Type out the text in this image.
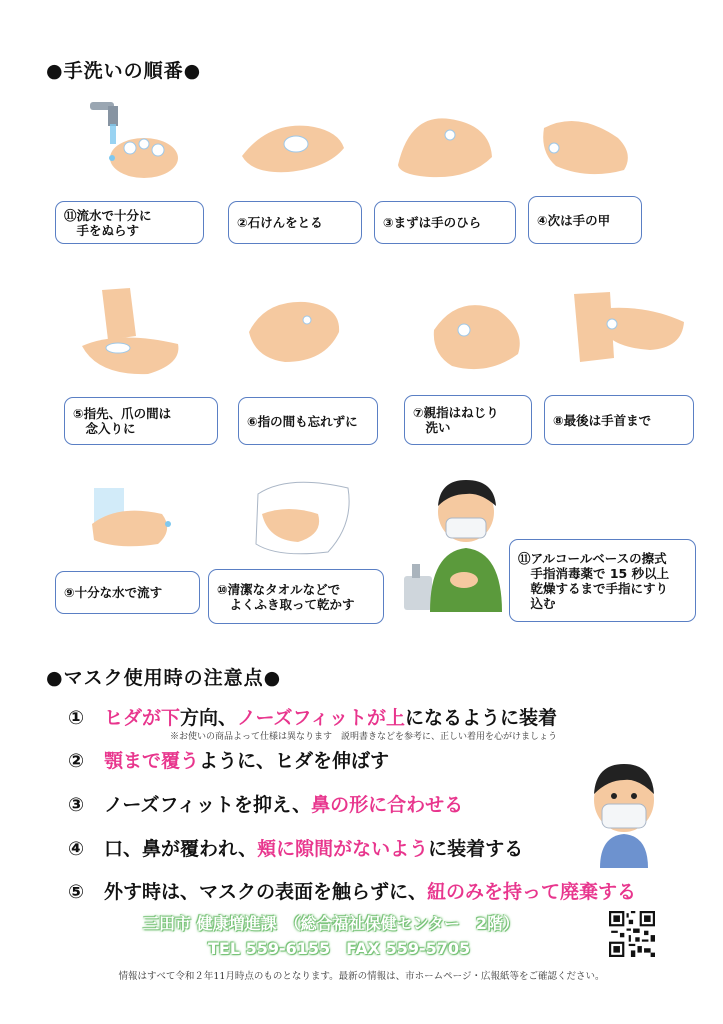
●手洗いの順番●
⑪流水で十分に
　手をぬらす	②石けんをとる	③まずは手のひら	④次は手の甲
⑤指先、爪の間は
　念入りに	⑥指の間も忘れずに
⑦親指はねじり
　洗い	⑧最後は手首まで
⑨十分な水で流す	⑩清潔なタオルなどで
　よくふき取って乾かす
⑪アルコールベースの擦式
　手指消毒薬で 15 秒以上
　乾燥するまで手指にすり
　込む
●マスク使用時の注意点●
① ヒダが下方向、ノーズフィットが上になるように装着
※お使いの商品よって仕様は異なります　説明書きなどを参考に、正しい着用を心がけましょう
② 顎まで覆うように、ヒダを伸ばす
③ ノーズフィットを抑え、鼻の形に合わせる
④ 口、鼻が覆われ、頬に隙間がないように装着する
⑤ 外す時は、マスクの表面を触らずに、紐のみを持って廃棄する
三田市 健康増進課　（総合福祉保健センター　2階）
TEL 559-6155　FAX 559-5705
情報はすべて令和２年11月時点のものとなります。最新の情報は、市ホームページ・広報紙等をご確認ください。
